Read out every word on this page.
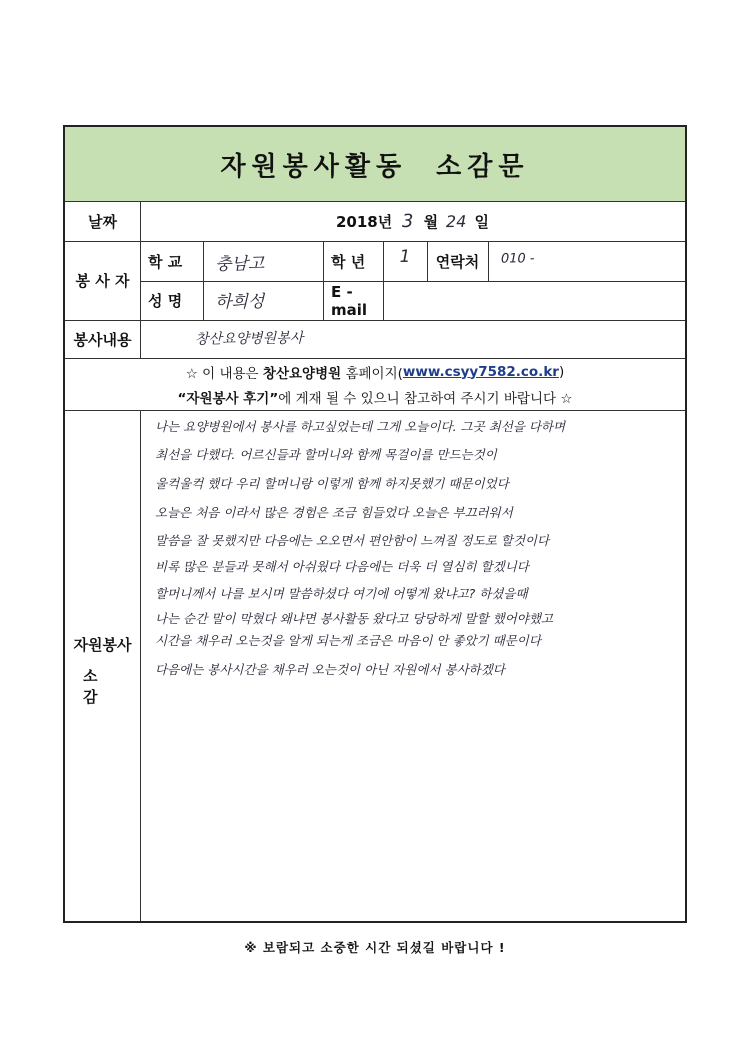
자원봉사활동 소감문
날짜	2018년 3 월 24 일
봉 사 자
학 교	충남고	학 년	1	연락처	010 -
성 명	하희성
E -mail
봉사내용	창산요양병원봉사
☆ 이 내용은
창산요양병원
홈페이지( www.csyy7582.co.kr )
“자원봉사 후기” 에 게재 될 수 있으니 참고하여 주시기 바랍니다 ☆
자원봉사
소 감
나는 요양병원에서 봉사를 하고싶었는데 그게 오늘이다. 그곳 최선을 다하며
최선을 다했다. 어르신들과 할머니와 함께 목걸이를 만드는것이
울컥울컥 했다 우리 할머니랑 이렇게 함께 하지못했기 때문이었다
오늘은 처음 이라서 많은 경험은 조금 힘들었다 오늘은 부끄러워서
말씀을 잘 못했지만 다음에는 오오면서 편안함이 느껴질 정도로 할것이다
비록 많은 분들과 못해서 아쉬웠다 다음에는 더욱 더 열심히 할겠니다
할머니께서 나를 보시며 말씀하셨다 여기에 어떻게 왔냐고? 하셨을때
나는 순간 말이 막혔다 왜냐면 봉사활동 왔다고 당당하게 말할 했어야했고
시간을 채우러 오는것을 알게 되는게 조금은 마음이 안 좋았기 때문이다
다음에는 봉사시간을 채우러 오는것이 아닌 자원에서 봉사하겠다
※ 보람되고 소중한 시간 되셨길 바랍니다 !
